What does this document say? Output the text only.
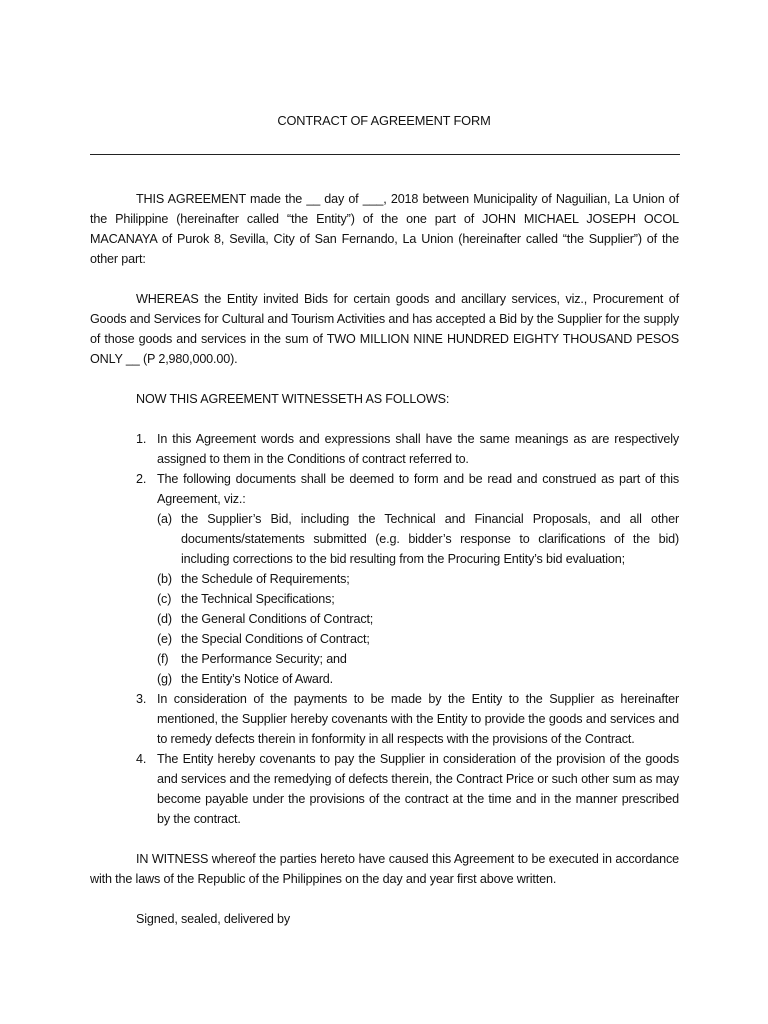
CONTRACT OF AGREEMENT FORM

THIS AGREEMENT made the __ day of ___, 2018 between Municipality of Naguilian, La Union of the Philippine (hereinafter called “the Entity”) of the one part of JOHN MICHAEL JOSEPH OCOL MACANAYA of Purok 8, Sevilla, City of San Fernando, La Union (hereinafter called “the Supplier”) of the other part:

WHEREAS the Entity invited Bids for certain goods and ancillary services, viz., Procurement of Goods and Services for Cultural and Tourism Activities and has accepted a Bid by the Supplier for the supply of those goods and services in the sum of TWO MILLION NINE HUNDRED EIGHTY THOUSAND PESOS ONLY __ (P 2,980,000.00).

NOW THIS AGREEMENT WITNESSETH AS FOLLOWS:

1. In this Agreement words and expressions shall have the same meanings as are respectively assigned to them in the Conditions of contract referred to.
2. The following documents shall be deemed to form and be read and construed as part of this Agreement, viz.:
(a) the Supplier’s Bid, including the Technical and Financial Proposals, and all other documents/statements submitted (e.g. bidder’s response to clarifications of the bid) including corrections to the bid resulting from the Procuring Entity’s bid evaluation;
(b) the Schedule of Requirements;
(c) the Technical Specifications;
(d) the General Conditions of Contract;
(e) the Special Conditions of Contract;
(f) the Performance Security; and
(g) the Entity’s Notice of Award.
3. In consideration of the payments to be made by the Entity to the Supplier as hereinafter mentioned, the Supplier hereby covenants with the Entity to provide the goods and services and to remedy defects therein in fonformity in all respects with the provisions of the Contract.
4. The Entity hereby covenants to pay the Supplier in consideration of the provision of the goods and services and the remedying of defects therein, the Contract Price or such other sum as may become payable under the provisions of the contract at the time and in the manner prescribed by the contract.

IN WITNESS whereof the parties hereto have caused this Agreement to be executed in accordance with the laws of the Republic of the Philippines on the day and year first above written.

Signed, sealed, delivered by
